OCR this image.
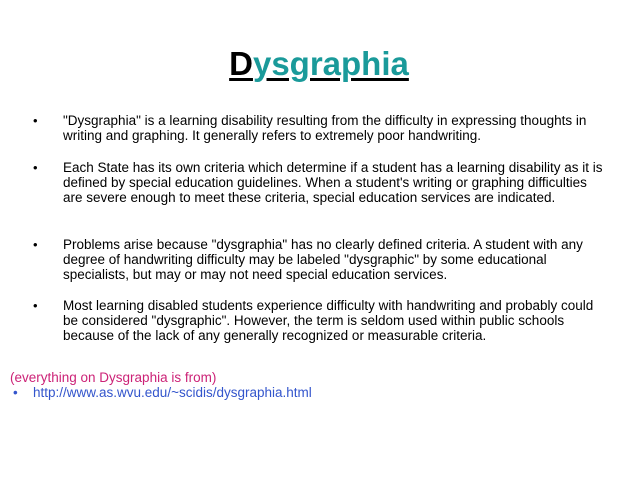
Dysgraphia
• "Dysgraphia" is a learning disability resulting from the difficulty in expressing thoughts in writing and graphing. It generally refers to extremely poor handwriting.
• Each State has its own criteria which determine if a student has a learning disability as it is defined by special education guidelines. When a student's writing or graphing difficulties are severe enough to meet these criteria, special education services are indicated.
• Problems arise because "dysgraphia" has no clearly defined criteria. A student with any degree of handwriting difficulty may be labeled "dysgraphic" by some educational specialists, but may or may not need special education services.
• Most learning disabled students experience difficulty with handwriting and probably could be considered "dysgraphic". However, the term is seldom used within public schools because of the lack of any generally recognized or measurable criteria.
(everything on Dysgraphia is from)
• http://www.as.wvu.edu/~scidis/dysgraphia.html
